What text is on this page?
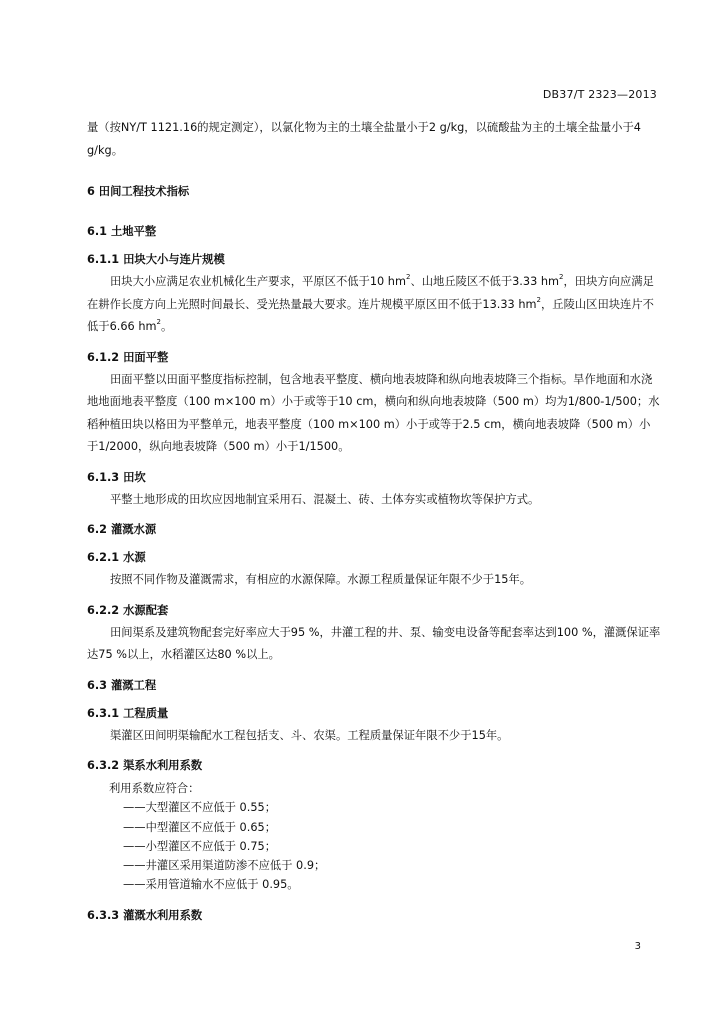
DB37/T 2323—2013

量（按NY/T 1121.16的规定测定），以氯化物为主的土壤全盐量小于2 g/kg，以硫酸盐为主的土壤全盐量小于4 g/kg。

6 田间工程技术指标

6.1 土地平整

6.1.1 田块大小与连片规模

田块大小应满足农业机械化生产要求，平原区不低于10 $hm^2$、山地丘陵区不低于3.33 $hm^2$，田块方向应满足在耕作长度方向上光照时间最长、受光热量最大要求。连片规模平原区田不低于13.33 $hm^2$，丘陵山区田块连片不低于6.66 $hm^2$。

6.1.2 田面平整

田面平整以田面平整度指标控制，包含地表平整度、横向地表坡降和纵向地表坡降三个指标。旱作地面和水浇地地面地表平整度（100 m×100 m）小于或等于10 cm，横向和纵向地表坡降（500 m）均为1/800-1/500；水稻种植田块以格田为平整单元，地表平整度（100 m×100 m）小于或等于2.5 cm，横向地表坡降（500 m）小于1/2000，纵向地表坡降（500 m）小于1/1500。

6.1.3 田坎

平整土地形成的田坎应因地制宜采用石、混凝土、砖、土体夯实或植物坎等保护方式。

6.2 灌溉水源

6.2.1 水源

按照不同作物及灌溉需求，有相应的水源保障。水源工程质量保证年限不少于15年。

6.2.2 水源配套

田间渠系及建筑物配套完好率应大于95 %，井灌工程的井、泵、输变电设备等配套率达到100 %，灌溉保证率达75 %以上，水稻灌区达80 %以上。

6.3 灌溉工程

6.3.1 工程质量

渠灌区田间明渠输配水工程包括支、斗、农渠。工程质量保证年限不少于15年。

6.3.2 渠系水利用系数

利用系数应符合：

——大型灌区不应低于 0.55；
——中型灌区不应低于 0.65；
——小型灌区不应低于 0.75；
——井灌区采用渠道防渗不应低于 0.9；
——采用管道输水不应低于 0.95。

6.3.3 灌溉水利用系数

3
